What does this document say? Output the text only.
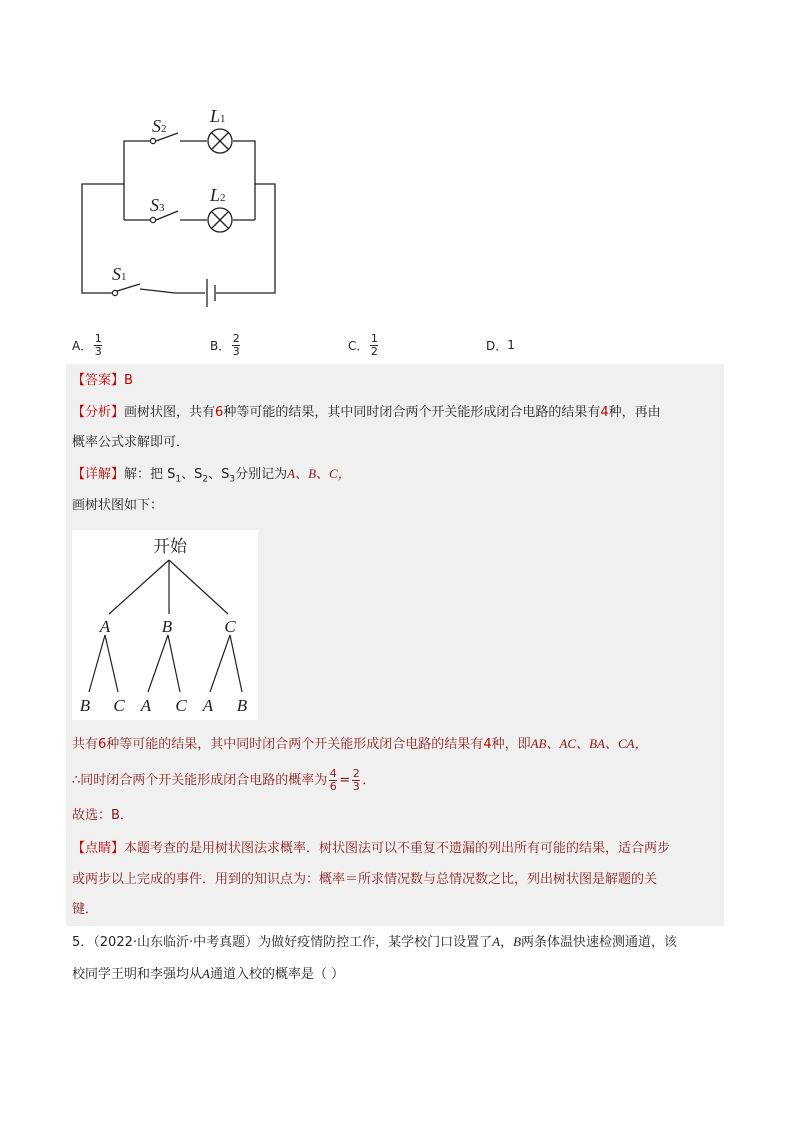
S2
L1
S3
L2
S1
A． $\frac{1}{3}$	B． $\frac{2}{3}$	C． $\frac{1}{2}$	D． 1
【答案】B
【分析】画树状图，共有6种等可能的结果，其中同时闭合两个开关能形成闭合电路的结果有4种，再由
概率公式求解即可．
【详解】解：把 $S_1$、$S_2$、$S_3$分别记为A、B、C，
画树状图如下：
开始
A	B	C
B C A C A B
共有6种等可能的结果，其中同时闭合两个开关能形成闭合电路的结果有4种，即AB、AC、BA、CA，
∴同时闭合两个开关能形成闭合电路的概率为 $\frac{4}{6} = \frac{2}{3}$ ．
故选：B．
【点睛】本题考查的是用树状图法求概率．树状图法可以不重复不遗漏的列出所有可能的结果，适合两步
或两步以上完成的事件．用到的知识点为：概率＝所求情况数与总情况数之比，列出树状图是解题的关
键．
5．（2022·山东临沂·中考真题）为做好疫情防控工作，某学校门口设置了A，B两条体温快速检测通道，该
校同学王明和李强均从A通道入校的概率是（ ）
